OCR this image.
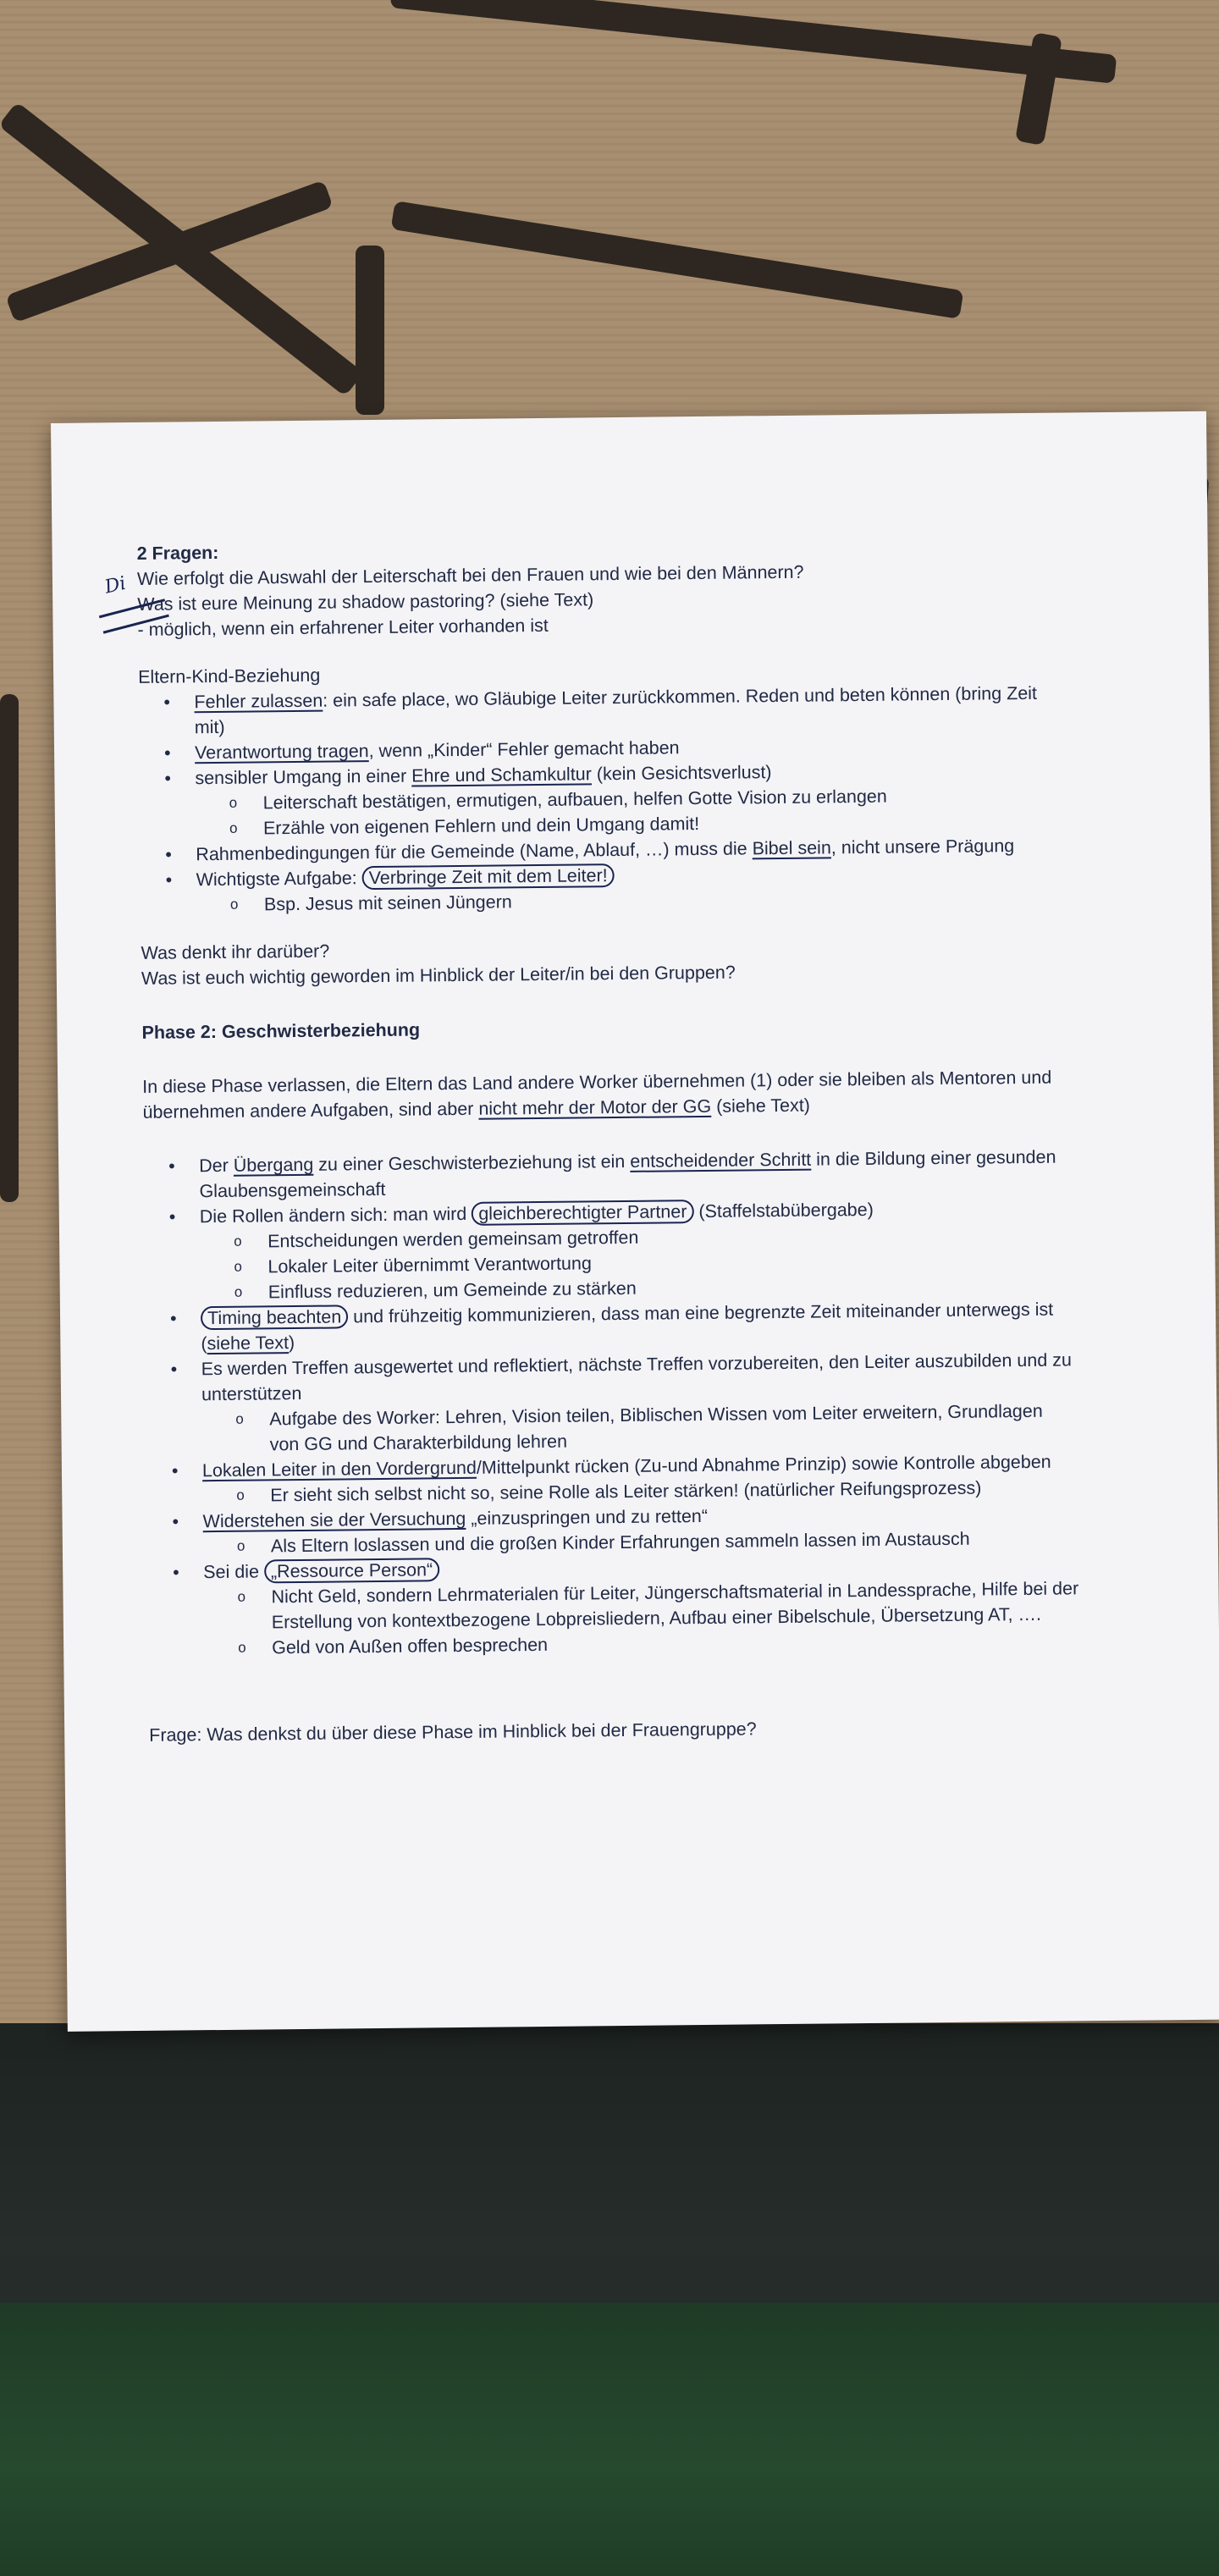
Di

2 Fragen:

Wie erfolgt die Auswahl der Leiterschaft bei den Frauen und wie bei den Männern?

Was ist eure Meinung zu shadow pastoring? (siehe Text)

- möglich, wenn ein erfahrener Leiter vorhanden ist

Eltern-Kind-Beziehung

• Fehler zulassen: ein safe place, wo Gläubige Leiter zurückkommen. Reden und beten können (bring Zeit mit)
• Verantwortung tragen, wenn „Kinder“ Fehler gemacht haben
• sensibler Umgang in einer Ehre und Schamkultur (kein Gesichtsverlust)
o Leiterschaft bestätigen, ermutigen, aufbauen, helfen Gotte Vision zu erlangen
o Erzähle von eigenen Fehlern und dein Umgang damit!
• Rahmenbedingungen für die Gemeinde (Name, Ablauf, …) muss die Bibel sein, nicht unsere Prägung
• Wichtigste Aufgabe: Verbringe Zeit mit dem Leiter!
o Bsp. Jesus mit seinen Jüngern

Was denkt ihr darüber?

Was ist euch wichtig geworden im Hinblick der Leiter/in bei den Gruppen?

Phase 2: Geschwisterbeziehung

In diese Phase verlassen, die Eltern das Land andere Worker übernehmen (1) oder sie bleiben als Mentoren und übernehmen andere Aufgaben, sind aber nicht mehr der Motor der GG (siehe Text)

• Der Übergang zu einer Geschwisterbeziehung ist ein entscheidender Schritt in die Bildung einer gesunden Glaubensgemeinschaft
• Die Rollen ändern sich: man wird gleichberechtigter Partner (Staffelstabübergabe)
o Entscheidungen werden gemeinsam getroffen
o Lokaler Leiter übernimmt Verantwortung
o Einfluss reduzieren, um Gemeinde zu stärken
• Timing beachten und frühzeitig kommunizieren, dass man eine begrenzte Zeit miteinander unterwegs ist (siehe Text)
• Es werden Treffen ausgewertet und reflektiert, nächste Treffen vorzubereiten, den Leiter auszubilden und zu unterstützen
o Aufgabe des Worker: Lehren, Vision teilen, Biblischen Wissen vom Leiter erweitern, Grundlagen von GG und Charakterbildung lehren
• Lokalen Leiter in den Vordergrund/Mittelpunkt rücken (Zu-und Abnahme Prinzip) sowie Kontrolle abgeben
o Er sieht sich selbst nicht so, seine Rolle als Leiter stärken! (natürlicher Reifungsprozess)
• Widerstehen sie der Versuchung „einzuspringen und zu retten“
o Als Eltern loslassen und die großen Kinder Erfahrungen sammeln lassen im Austausch
• Sei die „Ressource Person“
o Nicht Geld, sondern Lehrmaterialen für Leiter, Jüngerschaftsmaterial in Landessprache, Hilfe bei der Erstellung von kontextbezogene Lobpreisliedern, Aufbau einer Bibelschule, Übersetzung AT, ….
o Geld von Außen offen besprechen

Frage: Was denkst du über diese Phase im Hinblick bei der Frauengruppe?
